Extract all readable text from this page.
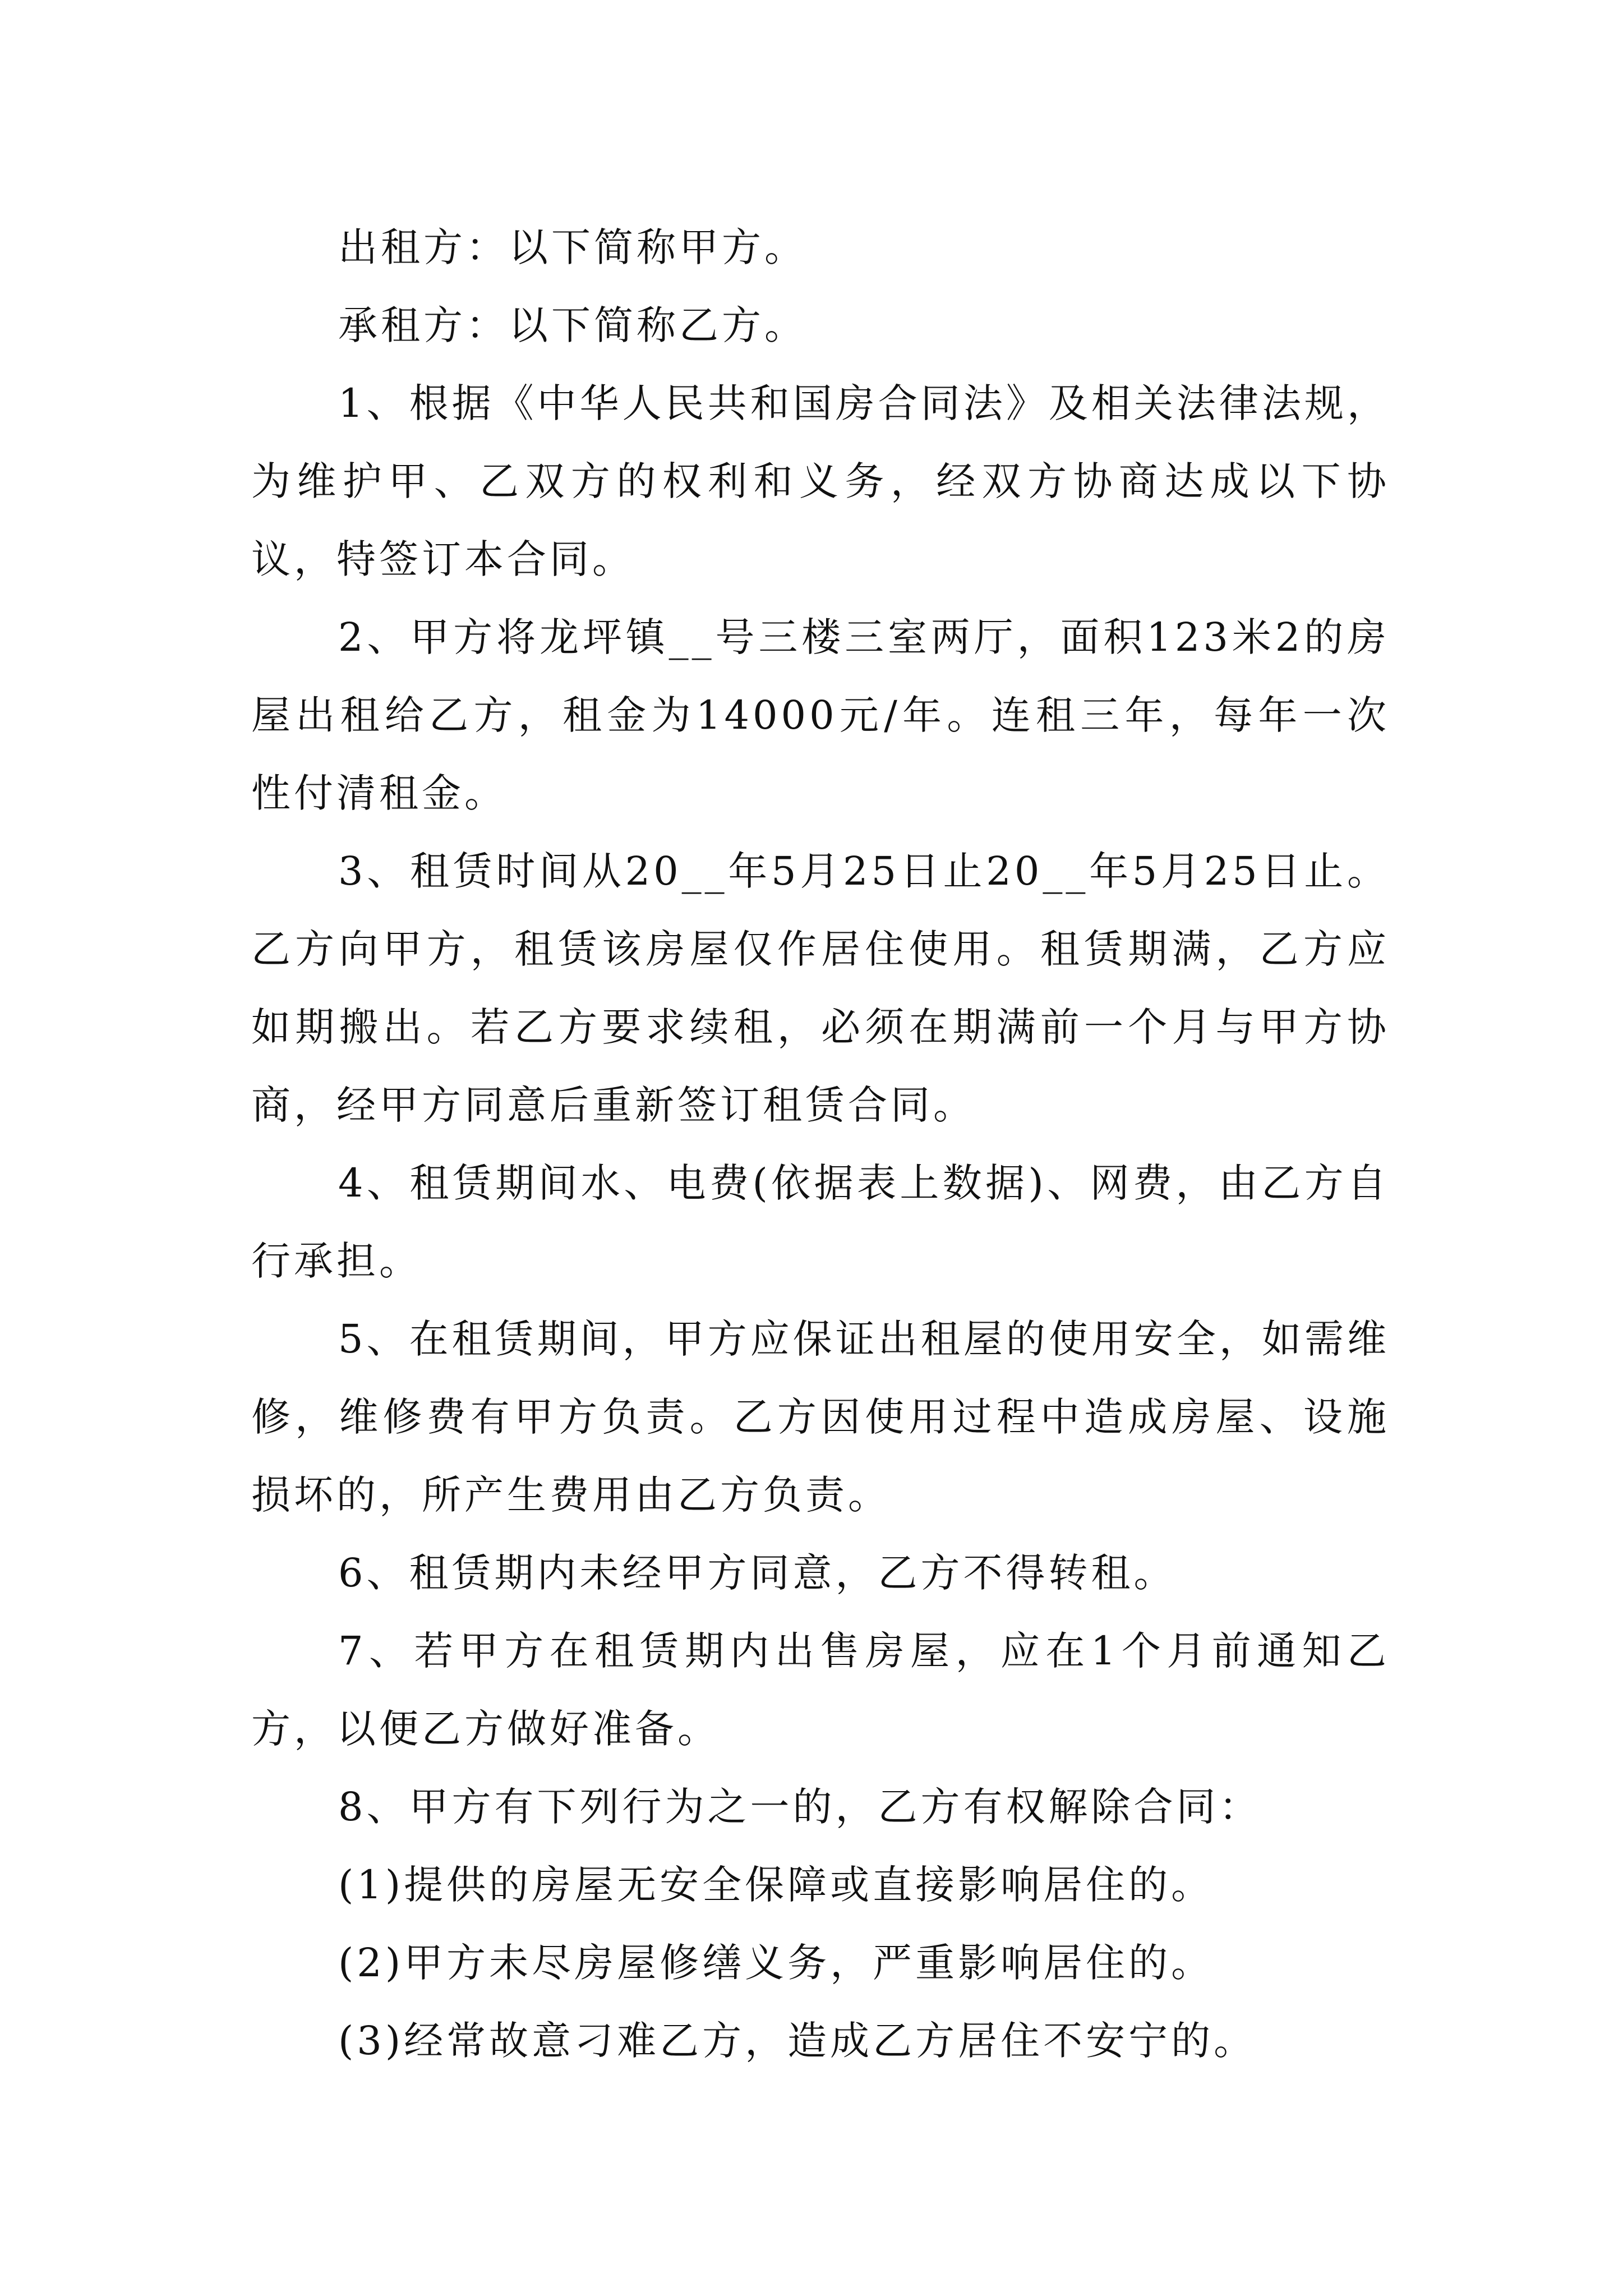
出租方：以下简称甲方。

承租方：以下简称乙方。

1、根据《中华人民共和国房合同法》及相关法律法规，为维护甲、乙双方的权利和义务，经双方协商达成以下协议，特签订本合同。

2、甲方将龙坪镇__号三楼三室两厅，面积123米2的房屋出租给乙方，租金为14000元/年。连租三年，每年一次性付清租金。

3、租赁时间从20__年5月25日止20__年5月25日止。乙方向甲方，租赁该房屋仅作居住使用。租赁期满，乙方应如期搬出。若乙方要求续租，必须在期满前一个月与甲方协商，经甲方同意后重新签订租赁合同。

4、租赁期间水、电费(依据表上数据)、网费，由乙方自行承担。

5、在租赁期间，甲方应保证出租屋的使用安全，如需维修，维修费有甲方负责。乙方因使用过程中造成房屋、设施损坏的，所产生费用由乙方负责。

6、租赁期内未经甲方同意，乙方不得转租。

7、若甲方在租赁期内出售房屋，应在1个月前通知乙方，以便乙方做好准备。

8、甲方有下列行为之一的，乙方有权解除合同：

(1)提供的房屋无安全保障或直接影响居住的。

(2)甲方未尽房屋修缮义务，严重影响居住的。

(3)经常故意刁难乙方，造成乙方居住不安宁的。
